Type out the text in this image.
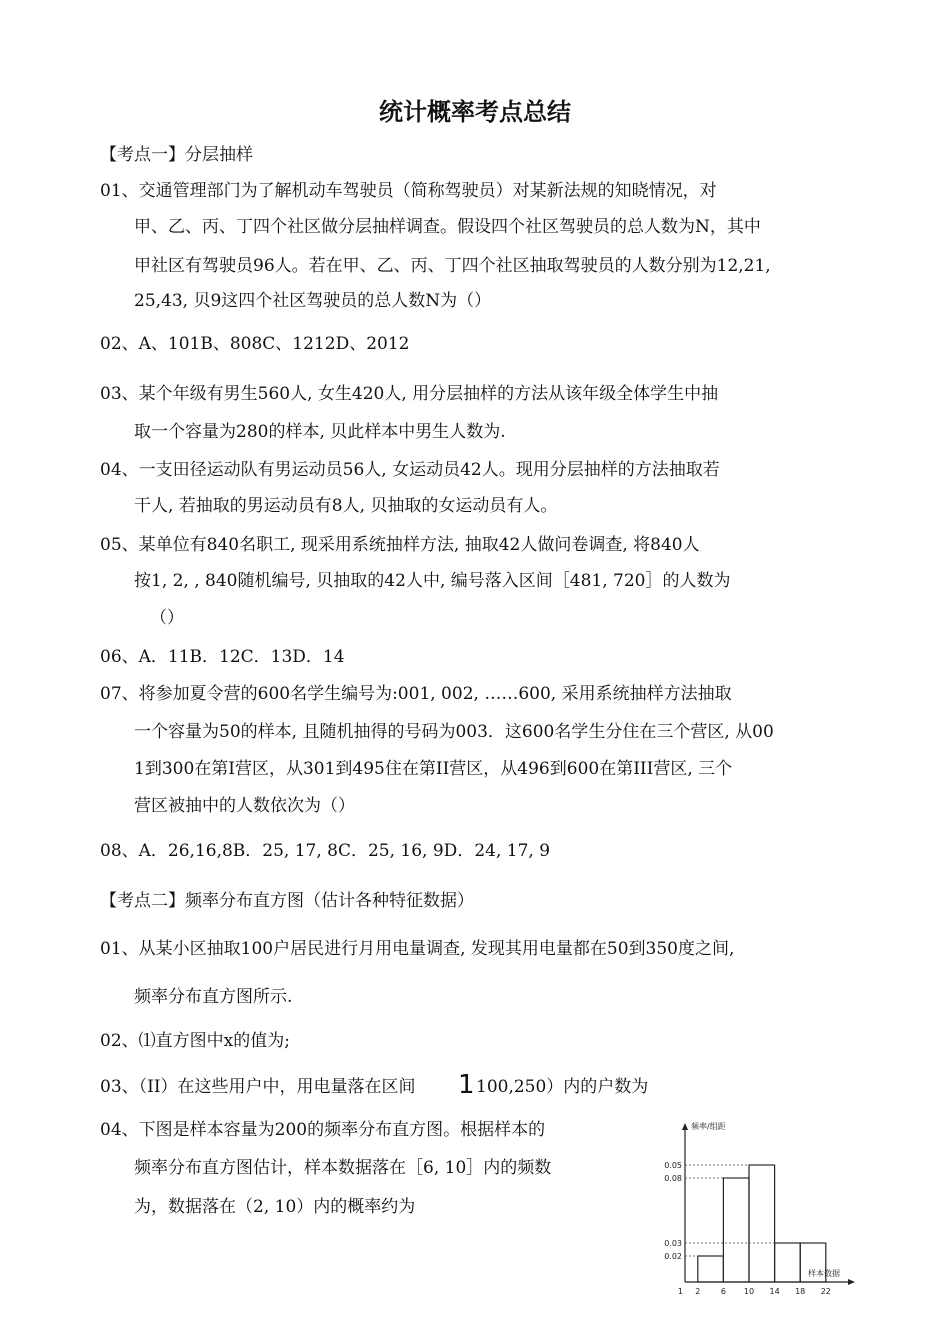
统计概率考点总结
【考点一】分层抽样
01、交通管理部门为了解机动车驾驶员（简称驾驶员）对某新法规的知晓情况，对
甲、乙、丙、丁四个社区做分层抽样调查。假设四个社区驾驶员的总人数为N，其中
甲社区有驾驶员96人。若在甲、乙、丙、丁四个社区抽取驾驶员的人数分别为12,21,
25,43, 贝9这四个社区驾驶员的总人数N为（）
02、A、101B、808C、1212D、2012
03、某个年级有男生560人, 女生420人, 用分层抽样的方法从该年级全体学生中抽
取一个容量为280的样本, 贝此样本中男生人数为.
04、一支田径运动队有男运动员56人, 女运动员42人。现用分层抽样的方法抽取若
干人, 若抽取的男运动员有8人, 贝抽取的女运动员有人。
05、某单位有840名职工, 现采用系统抽样方法, 抽取42人做问卷调查, 将840人
按1, 2, , 840随机编号, 贝抽取的42人中, 编号落入区间［481, 720］的人数为
（）
06、A．11B．12C．13D．14
07、将参加夏令营的600名学生编号为:001, 002, ……600, 采用系统抽样方法抽取
一个容量为50的样本, 且随机抽得的号码为003．这600名学生分住在三个营区, 从00
1到300在第Ⅰ营区，从301到495住在第II营区，从496到600在第III营区, 三个
营区被抽中的人数依次为（）
08、A．26,16,8B．25, 17, 8C．25, 16, 9D．24, 17, 9
【考点二】频率分布直方图（估计各种特征数据）
01、从某小区抽取100户居民进行月用电量调查, 发现其用电量都在50到350度之间,
频率分布直方图所示.
02、⑴直方图中x的值为;
03、（II）在这些用户中，用电量落在区间 1 100,250）内的户数为
04、下图是样本容量为200的频率分布直方图。根据样本的
频率分布直方图估计，样本数据落在［6, 10］内的频数
为，数据落在（2, 10）内的概率约为
0.02
0.03
0.08
0.05
2	6 10 14 18 22
1
频率/组距
样本数据
